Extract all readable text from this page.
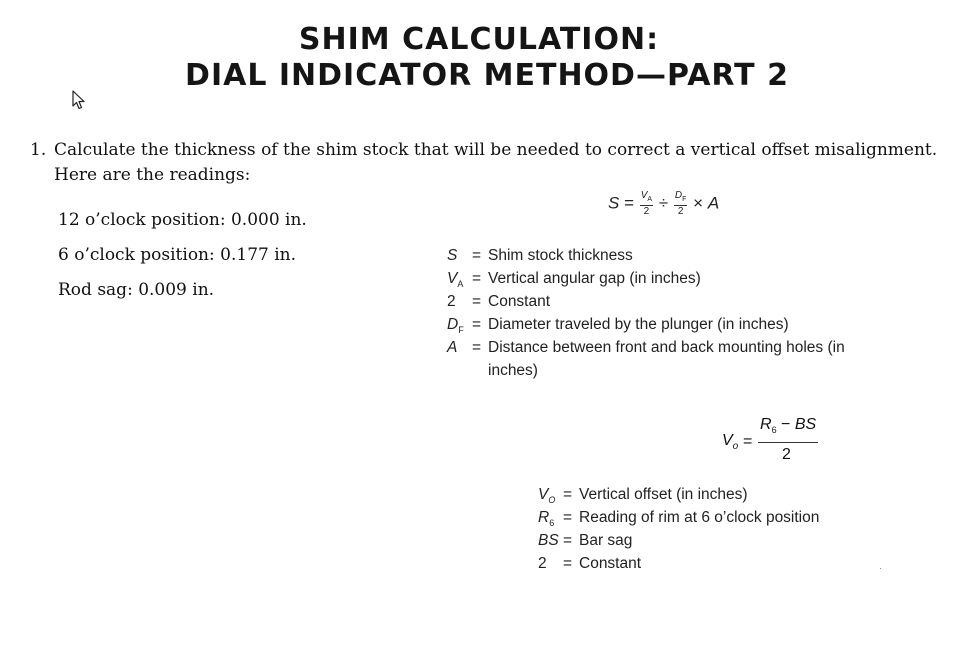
SHIM CALCULATION:
DIAL INDICATOR METHOD—PART 2
1. Calculate the thickness of the shim stock that will be needed to correct a vertical offset misalignment. Here are the readings:
12 o’clock position: 0.000 in.
6 o’clock position: 0.177 in.
Rod sag: 0.009 in.
$S = \frac{V_A}{2} \div \frac{D_F}{2} \times A$
S = Shim stock thickness
$V_A$ = Vertical angular gap (in inches)
2 = Constant
$D_F$ = Diameter traveled by the plunger (in inches)
A = Distance between front and back mounting holes (in
inches)
$V_o$ =
$R_6$ − BS
2
$V_O$ = Vertical offset (in inches)
$R_6$ = Reading of rim at 6 o’clock position
BS = Bar sag
2 = Constant
